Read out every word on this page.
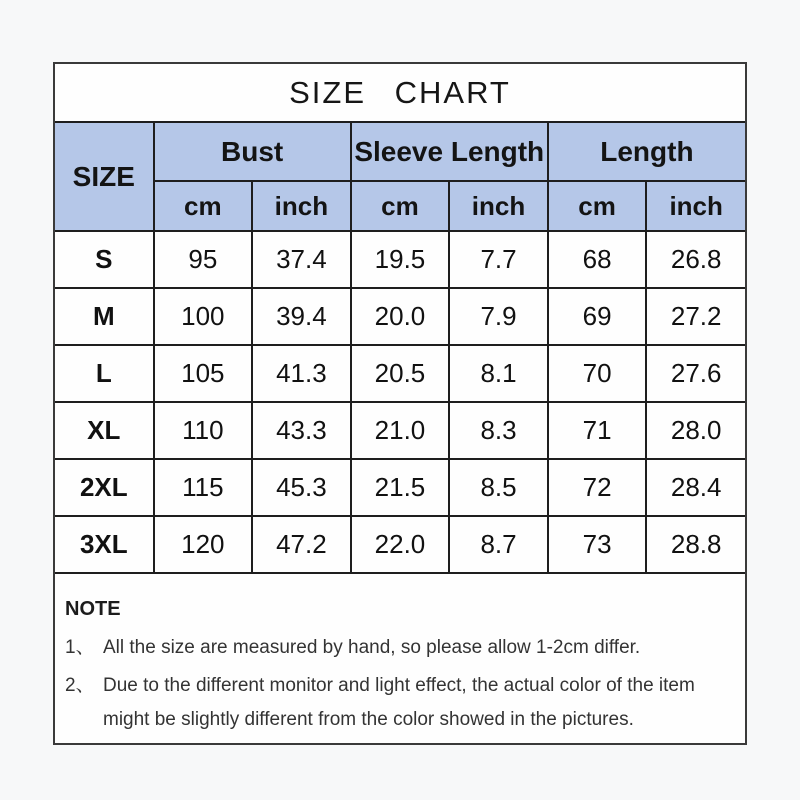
SIZE CHART
SIZE	Bust		Sleeve Length		Length	
	cm	inch	cm	inch	cm	inch
S	95	37.4	19.5	7.7	68	26.8
M	100	39.4	20.0	7.9	69	27.2
L	105	41.3	20.5	8.1	70	27.6
XL	110	43.3	21.0	8.3	71	28.0
2XL	115	45.3	21.5	8.5	72	28.4
3XL	120	47.2	22.0	8.7	73	28.8
NOTE
1、 All the size are measured by hand, so please allow 1-2cm differ.
2、 Due to the different monitor and light effect, the actual color of the item might be slightly different from the color showed in the pictures.
